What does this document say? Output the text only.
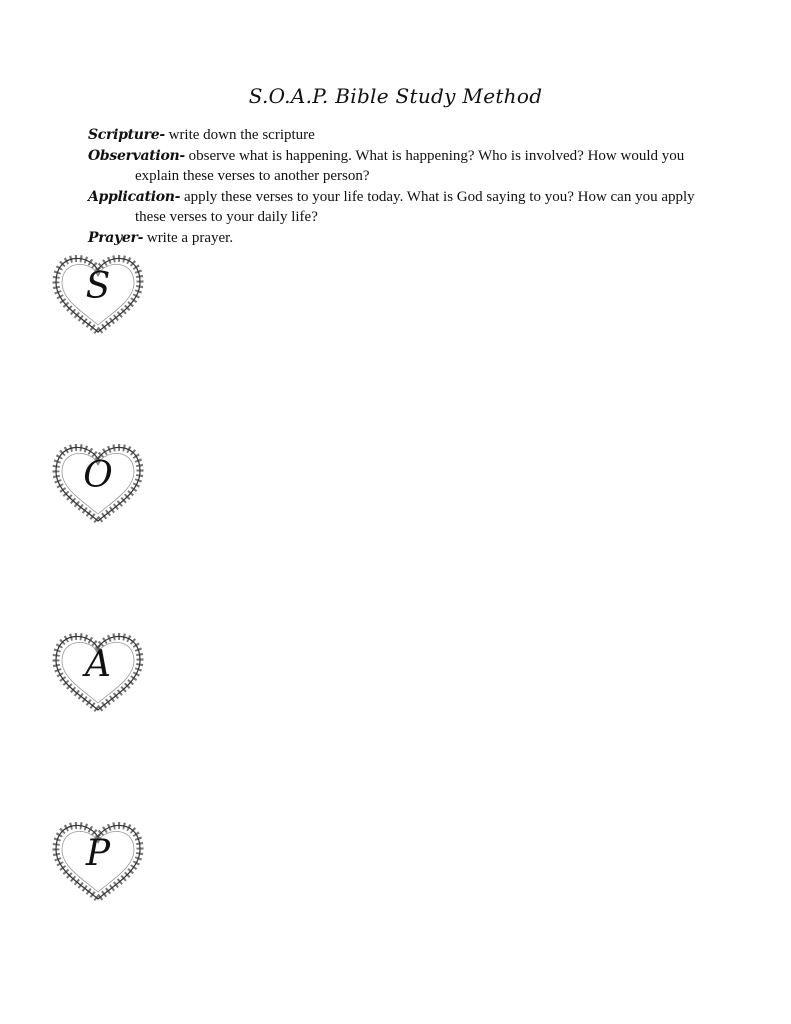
S.O.A.P. Bible Study Method

Scripture- write down the scripture

Observation- observe what is happening. What is happening? Who is involved? How would you
explain these verses to another person?

Application- apply these verses to your life today. What is God saying to you? How can you apply
these verses to your daily life?

Prayer- write a prayer.

S
O
A
P
